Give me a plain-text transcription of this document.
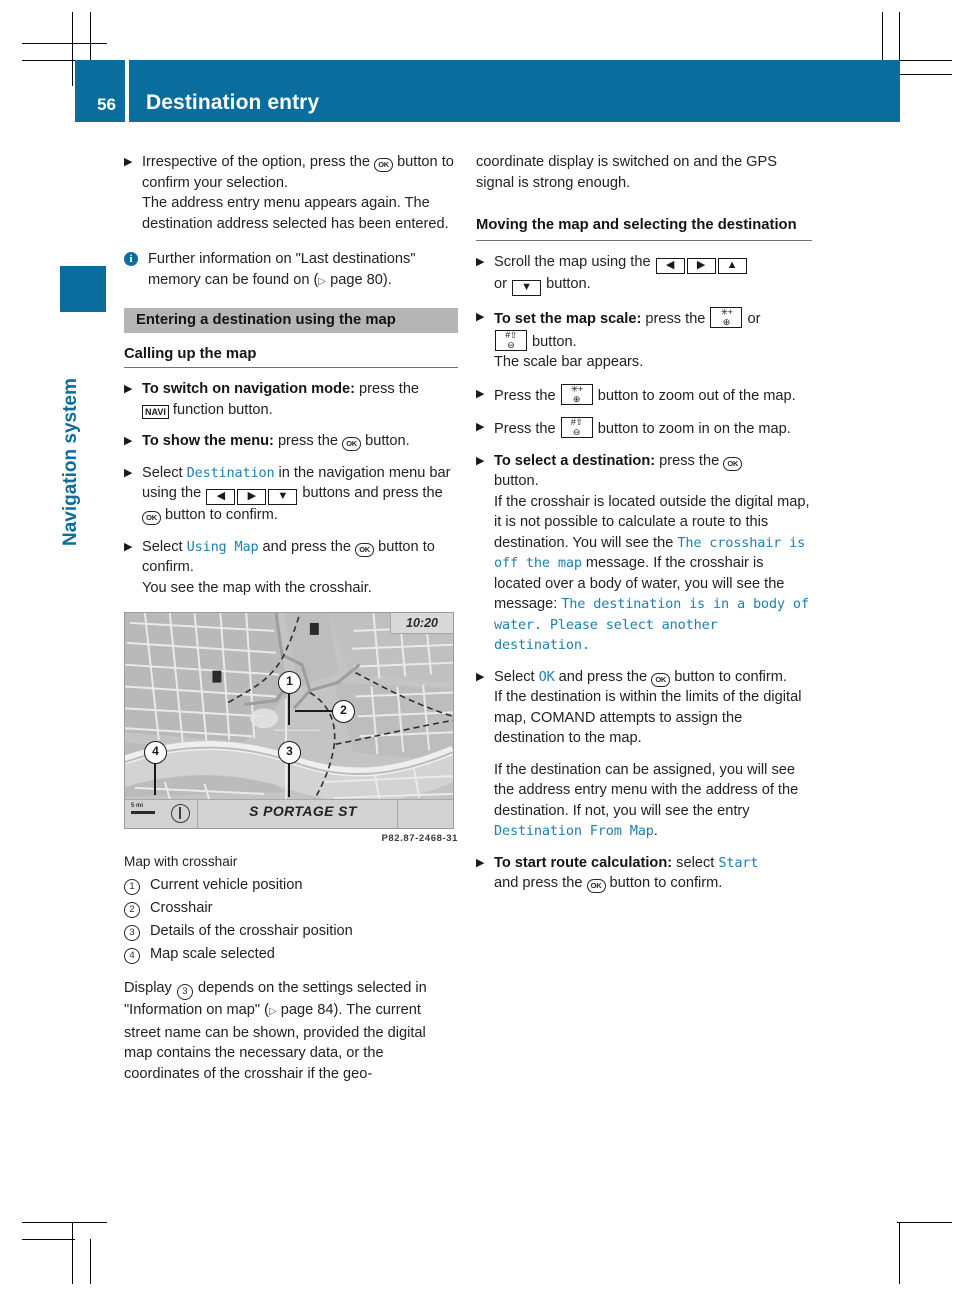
56	Destination entry
Navigation system
▶ Irrespective of the option, press the OK button to confirm your selection.
The address entry menu appears again. The destination address selected has been entered.
i	Further information on "Last destinations" memory can be found on (▷ page 80).
Entering a destination using the map
Calling up the map
▶ To switch on navigation mode: press the
NAVI function button.
▶ To show the menu: press the OK button.
▶ Select Destination in the navigation menu bar using the ◀ ▶ ▼ buttons and press the OK button to confirm.
▶ Select Using Map and press the OK button to confirm.
You see the map with the crosshair.
10:20
5 mi	S PORTAGE ST
1
2
3
4
P82.87-2468-31
Map with crosshair
1	Current vehicle position
2	Crosshair
3	Details of the crosshair position
4	Map scale selected
Display 3 depends on the settings selected in "Information on map" (▷ page 84). The current street name can be shown, provided the digital map contains the necessary data, or the coordinates of the crosshair if the geo-
coordinate display is switched on and the GPS signal is strong enough.
Moving the map and selecting the destination
▶ Scroll the map using the ◀ ▶ ▲
or ▼ button.
▶ To set the map scale: press the	✳+
⊕ or

#⇧
⊖ button.
The scale bar appears.
▶ Press the	✳+
⊕ button to zoom out of the map.
▶ Press the	#⇧
⊖ button to zoom in on the map.
▶ To select a destination: press the OK
button.
If the crosshair is located outside the digital map, it is not possible to calculate a route to this destination. You will see the The crosshair is off the map message. If the crosshair is located over a body of water, you will see the message: The destination is in a body of water. Please select another destination.
▶ Select OK and press the OK button to confirm.
If the destination is within the limits of the digital map, COMAND attempts to assign the destination to the map.
If the destination can be assigned, you will see the address entry menu with the address of the destination. If not, you will see the entry Destination From Map.
▶ To start route calculation: select Start
and press the OK button to confirm.
